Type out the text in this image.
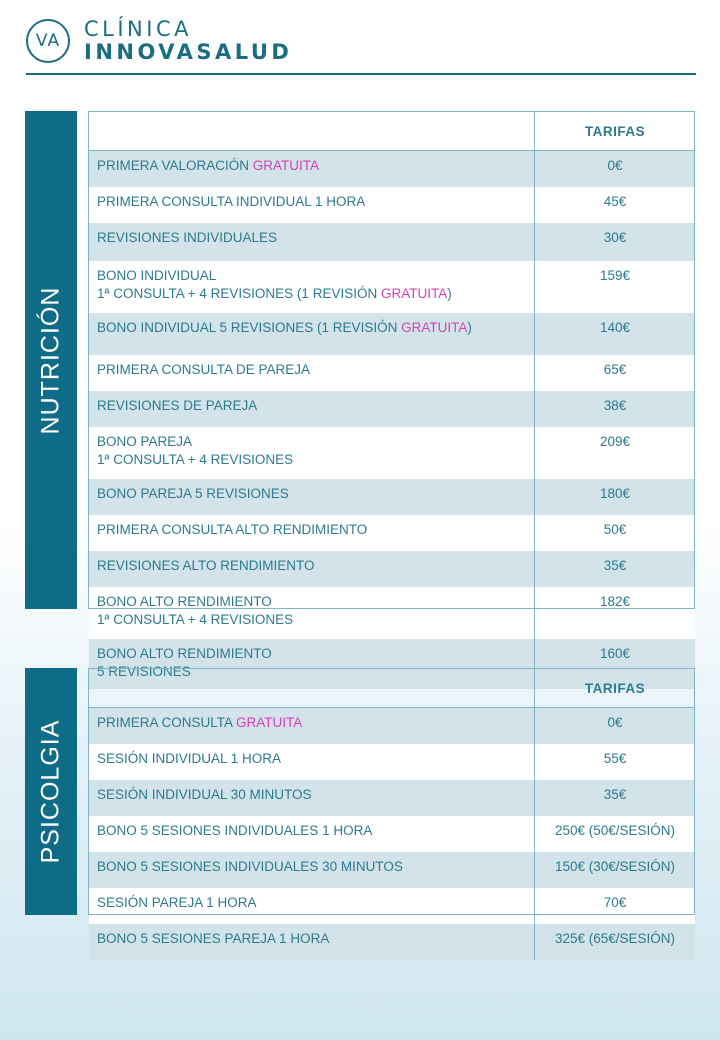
VA	CLÍNICA
INNOVASALUD
NUTRICIÓN
	TARIFAS
PRIMERA VALORACIÓN GRATUITA	0€
PRIMERA CONSULTA INDIVIDUAL 1 HORA	45€
REVISIONES INDIVIDUALES	30€
BONO INDIVIDUAL
1ª CONSULTA + 4 REVISIONES (1 REVISIÓN GRATUITA)	159€
BONO INDIVIDUAL 5 REVISIONES (1 REVISIÓN GRATUITA)	140€
PRIMERA CONSULTA DE PAREJA	65€
REVISIONES DE PAREJA	38€
BONO PAREJA
1ª CONSULTA + 4 REVISIONES	209€
BONO PAREJA 5 REVISIONES	180€
PRIMERA CONSULTA ALTO RENDIMIENTO	50€
REVISIONES ALTO RENDIMIENTO	35€
BONO ALTO RENDIMIENTO
1ª CONSULTA + 4 REVISIONES	182€
BONO ALTO RENDIMIENTO
5 REVISIONES	160€
PSICOLGIA
	TARIFAS
PRIMERA CONSULTA GRATUITA	0€
SESIÓN INDIVIDUAL 1 HORA	55€
SESIÓN INDIVIDUAL 30 MINUTOS	35€
BONO 5 SESIONES INDIVIDUALES 1 HORA	250€ (50€/SESIÓN)
BONO 5 SESIONES INDIVIDUALES 30 MINUTOS	150€ (30€/SESIÓN)
SESIÓN PAREJA 1 HORA	70€
BONO 5 SESIONES PAREJA 1 HORA	325€ (65€/SESIÓN)
